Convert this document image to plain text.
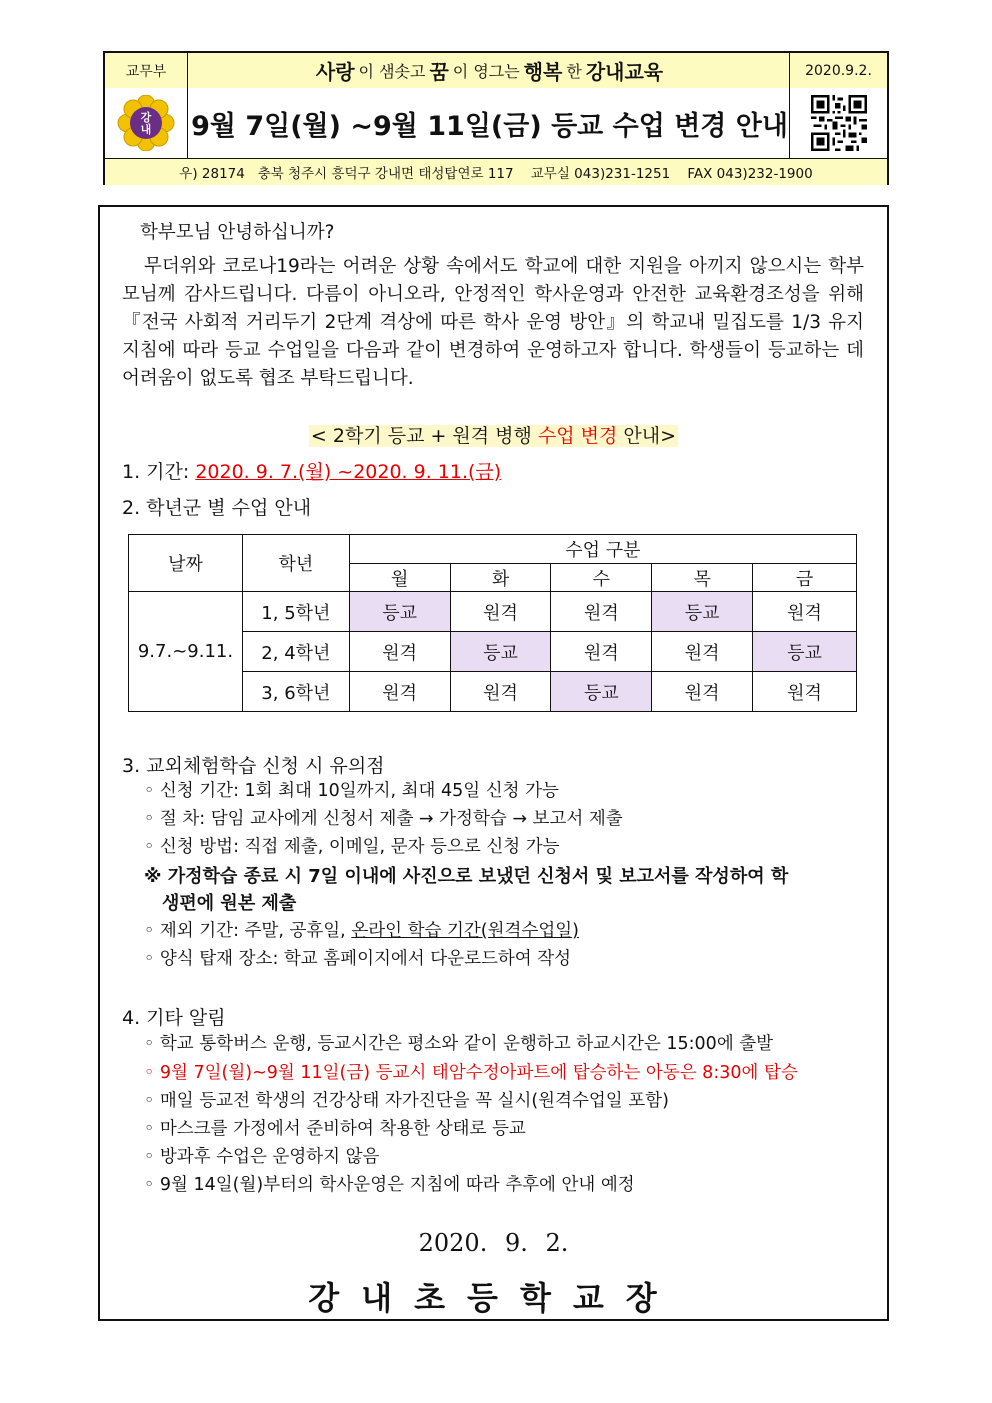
교무부	사랑 이 샘솟고 꿈 이 영그는 행복 한 강내교육	2020.9.2.
강
내 9월 7일(월) ~9월 11일(금) 등교 수업 변경 안내
우) 28174   충북 청주시 흥덕구 강내면 태성탑연로 117    교무실 043)231-1251    FAX 043)232-1900
학부모님 안녕하십니까?
무더위와 코로나19라는 어려운 상황 속에서도 학교에 대한 지원을 아끼지 않으시는 학부모님께 감사드립니다. 다름이 아니오라, 안정적인 학사운영과 안전한 교육환경조성을 위해 『전국 사회적 거리두기 2단계 격상에 따른 학사 운영 방안』의 학교내 밀집도를 1/3 유지 지침에 따라 등교 수업일을 다음과 같이 변경하여 운영하고자 합니다. 학생들이 등교하는 데 어려움이 없도록 협조 부탁드립니다.
< 2학기 등교 + 원격 병행 수업 변경 안내>
1. 기간: 2020. 9. 7.(월) ~2020. 9. 11.(금)
2. 학년군 별 수업 안내
날짜	학년	수업 구분				
		월	화	수	목	금
9.7.~9.11.	1, 5학년	등교	원격	원격	등교	원격
	2, 4학년	원격	등교	원격	원격	등교
	3, 6학년	원격	원격	등교	원격	원격
3. 교외체험학습 신청 시 유의점
◦ 신청 기간: 1회 최대 10일까지, 최대 45일 신청 가능
◦ 절 차: 담임 교사에게 신청서 제출 → 가정학습 → 보고서 제출
◦ 신청 방법: 직접 제출, 이메일, 문자 등으로 신청 가능
※ 가정학습 종료 시 7일 이내에 사진으로 보냈던 신청서 및 보고서를 작성하여 학
생편에 원본 제출
◦ 제외 기간: 주말, 공휴일, 온라인 학습 기간(원격수업일)
◦ 양식 탑재 장소: 학교 홈페이지에서 다운로드하여 작성
4. 기타 알림
◦ 학교 통학버스 운행, 등교시간은 평소와 같이 운행하고 하교시간은 15:00에 출발
◦ 9월 7일(월)~9월 11일(금) 등교시 태암수정아파트에 탑승하는 아동은 8:30에 탑승
◦ 매일 등교전 학생의 건강상태 자가진단을 꼭 실시(원격수업일 포함)
◦ 마스크를 가정에서 준비하여 착용한 상태로 등교
◦ 방과후 수업은 운영하지 않음
◦ 9월 14일(월)부터의 학사운영은 지침에 따라 추후에 안내 예정
2020. 9. 2.
강내초등학교장
